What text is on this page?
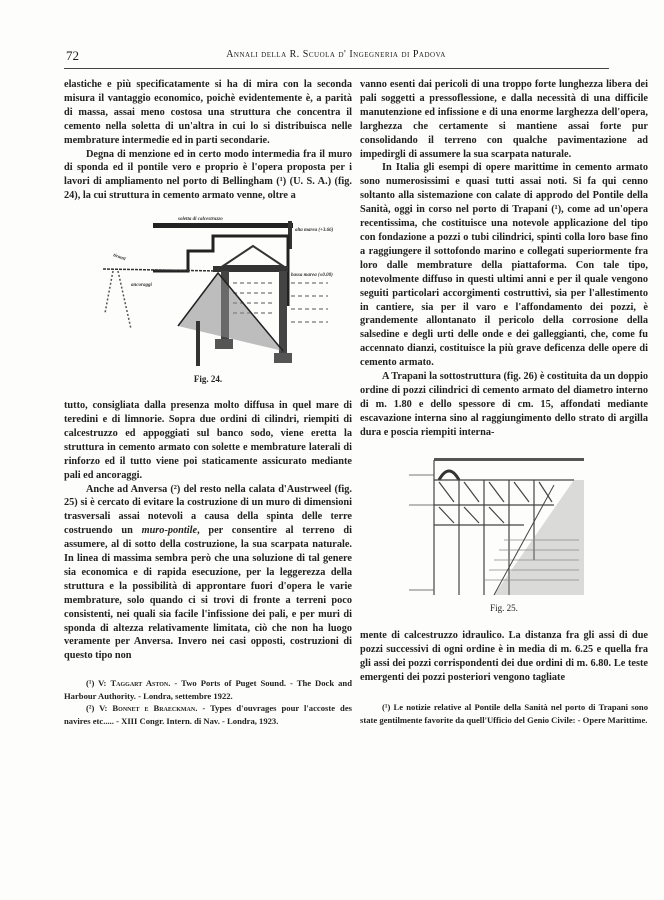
72	Annali della R. Scuola d' Ingegneria di Padova

elastiche e più specificatamente si ha di mira con la seconda misura il vantaggio economico, poichè evidentemente è, a parità di massa, assai meno costosa una struttura che concentra il cemento nella soletta di un'altra in cui lo si distribuisca nelle membrature intermedie ed in parti secondarie.

Degna di menzione ed in certo modo intermedia fra il muro di sponda ed il pontile vero e proprio è l'opera proposta per i lavori di ampliamento nel porto di Bellingham (¹) (U. S. A.) (fig. 24), la cui struttura in cemento armato venne, oltre a

soletta di calcestruzzo
alta marea (+3.66)
bassa marea (±0.00)
tiranti
ancoraggi
Fig. 24.

tutto, consigliata dalla presenza molto diffusa in quel mare di teredini e di limnorie. Sopra due ordini di cilindri, riempiti di calcestruzzo ed appoggiati sul banco sodo, viene eretta la struttura in cemento armato con solette e membrature laterali di rinforzo ed il tutto viene poi staticamente assicurato mediante pali ed ancoraggi.

Anche ad Anversa (²) del resto nella calata d'Austrweel (fig. 25) si è cercato di evitare la costruzione di un muro di dimensioni trasversali assai notevoli a causa della spinta delle terre costruendo un muro-pontile, per consentire al terreno di assumere, al di sotto della costruzione, la sua scarpata naturale. In linea di massima sembra però che una soluzione di tal genere sia economica e di rapida esecuzione, per la leggerezza della struttura e la possibilità di approntare fuori d'opera le varie membrature, solo quando ci si trovi di fronte a terreni poco consistenti, nei quali sia facile l'infissione dei pali, e per muri di sponda di altezza relativamente limitata, ciò che non ha luogo veramente per Anversa. Invero nei casi opposti, costruzioni di questo tipo non

(¹) V: Taggart Aston. - Two Ports of Puget Sound. - The Dock and Harbour Authority. - Londra, settembre 1922.

(²) V: Bonnet e Braeckman. - Types d'ouvrages pour l'accoste des navires etc..... - XIII Congr. Intern. di Nav. - Londra, 1923.

vanno esenti dai pericoli di una troppo forte lunghezza libera dei pali soggetti a pressoflessione, e dalla necessità di una difficile manutenzione ed infissione e di una enorme larghezza dell'opera, larghezza che certamente si mantiene assai forte pur consolidando il terreno con qualche pavimentazione ad impedirgli di assumere la sua scarpata naturale.

In Italia gli esempi di opere marittime in cemento armato sono numerosissimi e quasi tutti assai noti. Si fa qui cenno soltanto alla sistemazione con calate di approdo del Pontile della Sanità, oggi in corso nel porto di Trapani (¹), come ad un'opera recentissima, che costituisce una notevole applicazione del tipo con fondazione a pozzi o tubi cilindrici, spinti colla loro base fino a raggiungere il sottofondo marino e collegati superiormente fra loro dalle membrature della piattaforma. Con tale tipo, notevolmente diffuso in questi ultimi anni e per il quale vengono seguiti particolari accorgimenti costruttivi, sia per l'allestimento in cantiere, sia per il varo e l'affondamento dei pozzi, è grandemente allontanato il pericolo della corrosione della salsedine e degli urti delle onde e dei galleggianti, che, come fu accennato dianzi, costituisce la più grave deficenza delle opere di cemento armato.

A Trapani la sottostruttura (fig. 26) è costituita da un doppio ordine di pozzi cilindrici di cemento armato del diametro interno di m. 1.80 e dello spessore di cm. 15, affondati mediante escavazione interna sino al raggiungimento dello strato di argilla dura e poscia riempiti interna-

Fig. 25.

mente di calcestruzzo idraulico. La distanza fra gli assi di due pozzi successivi di ogni ordine è in media di m. 6.25 e quella fra gli assi dei pozzi corrispondenti dei due ordini di m. 6.80. Le teste emergenti dei pozzi posteriori vengono tagliate

(¹) Le notizie relative al Pontile della Sanità nel porto di Trapani sono state gentilmente favorite da quell'Ufficio del Genio Civile: - Opere Marittime.
